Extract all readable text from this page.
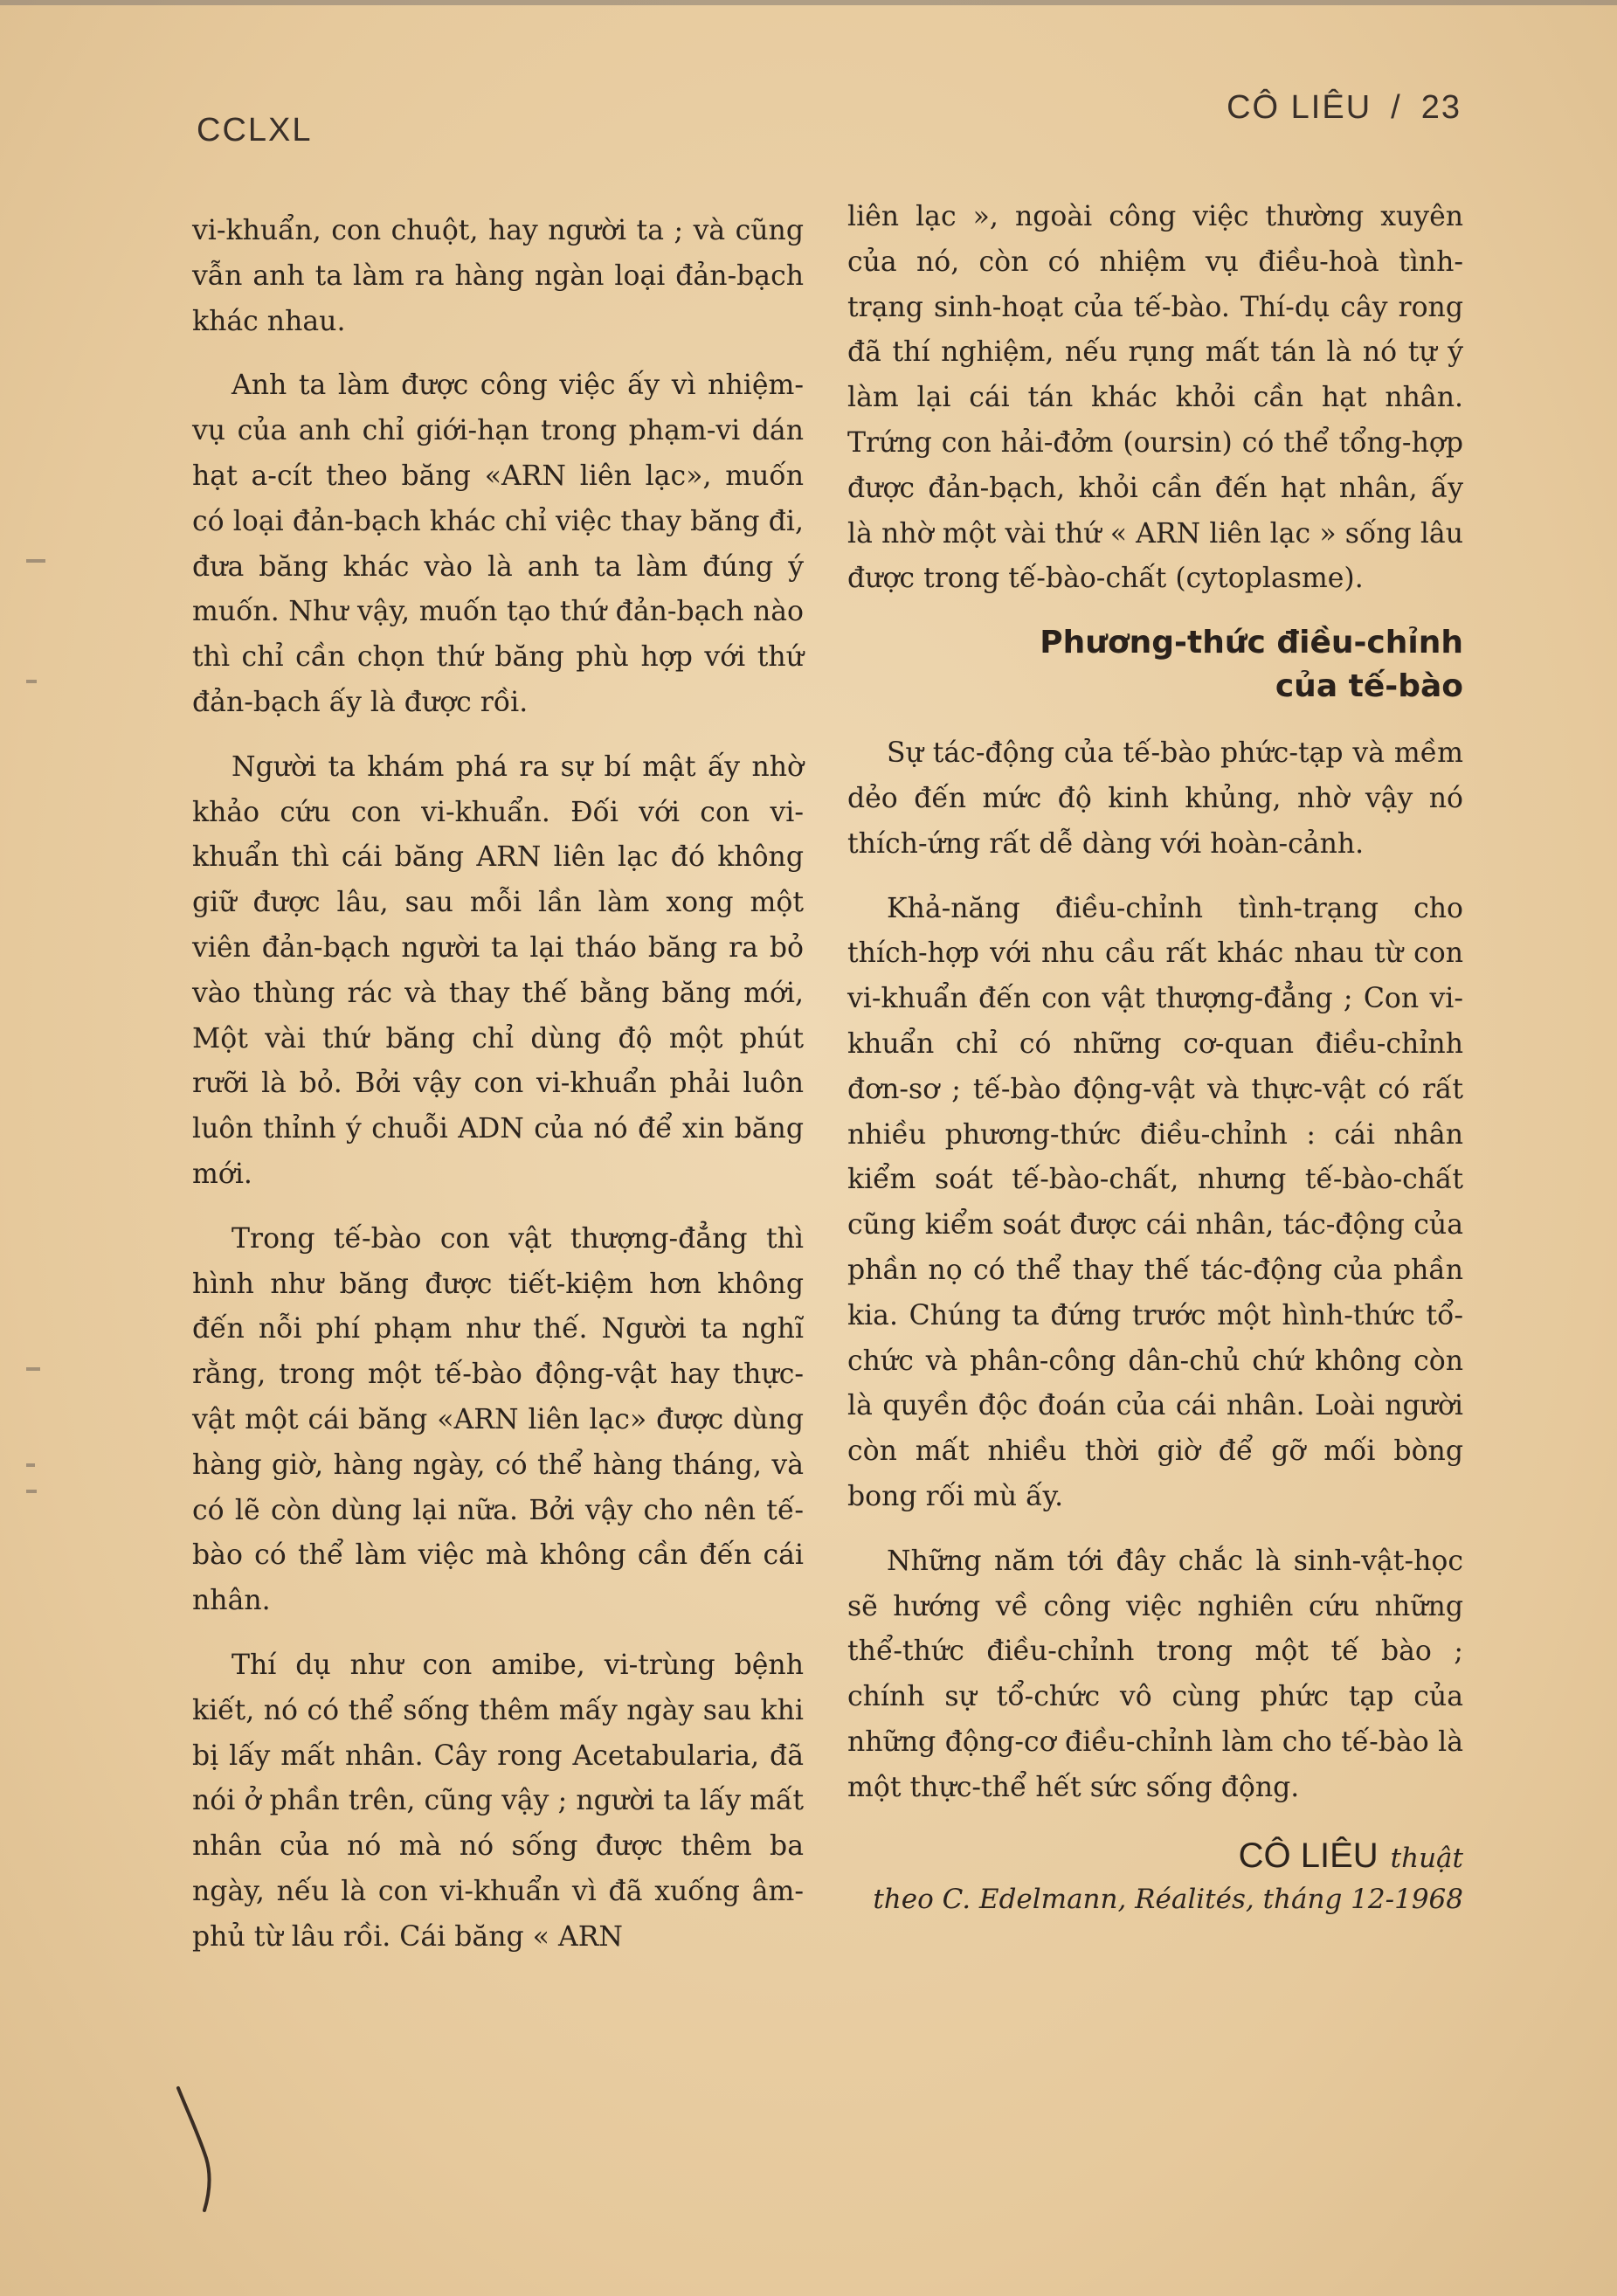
CCLXL
CÔ LIÊU / 23

vi-khuẩn, con chuột, hay người ta ; và cũng vẫn anh ta làm ra hàng ngàn loại đản-bạch khác nhau.

Anh ta làm được công việc ấy vì nhiệm-vụ của anh chỉ giới-hạn trong phạm-vi dán hạt a-cít theo băng «ARN liên lạc», muốn có loại đản-bạch khác chỉ việc thay băng đi, đưa băng khác vào là anh ta làm đúng ý muốn. Như vậy, muốn tạo thứ đản-bạch nào thì chỉ cần chọn thứ băng phù hợp với thứ đản-bạch ấy là được rồi.

Người ta khám phá ra sự bí mật ấy nhờ khảo cứu con vi-khuẩn. Đối với con vi-khuẩn thì cái băng ARN liên lạc đó không giữ được lâu, sau mỗi lần làm xong một viên đản-bạch người ta lại tháo băng ra bỏ vào thùng rác và thay thế bằng băng mới, Một vài thứ băng chỉ dùng độ một phút rưỡi là bỏ. Bởi vậy con vi-khuẩn phải luôn luôn thỉnh ý chuỗi ADN của nó để xin băng mới.

Trong tế-bào con vật thượng-đẳng thì hình như băng được tiết-kiệm hơn không đến nỗi phí phạm như thế. Người ta nghĩ rằng, trong một tế-bào động-vật hay thực-vật một cái băng «ARN liên lạc» được dùng hàng giờ, hàng ngày, có thể hàng tháng, và có lẽ còn dùng lại nữa. Bởi vậy cho nên tế-bào có thể làm việc mà không cần đến cái nhân.

Thí dụ như con amibe, vi-trùng bệnh kiết, nó có thể sống thêm mấy ngày sau khi bị lấy mất nhân. Cây rong Acetabularia, đã nói ở phần trên, cũng vậy ; người ta lấy mất nhân của nó mà nó sống được thêm ba ngày, nếu là con vi-khuẩn vì đã xuống âm-phủ từ lâu rồi. Cái băng « ARN

liên lạc », ngoài công việc thường xuyên của nó, còn có nhiệm vụ điều-hoà tình-trạng sinh-hoạt của tế-bào. Thí-dụ cây rong đã thí nghiệm, nếu rụng mất tán là nó tự ý làm lại cái tán khác khỏi cần hạt nhân. Trứng con hải-đởm (oursin) có thể tổng-hợp được đản-bạch, khỏi cần đến hạt nhân, ấy là nhờ một vài thứ « ARN liên lạc » sống lâu được trong tế-bào-chất (cytoplasme).

Phương-thức điều-chỉnh
của tế-bào

Sự tác-động của tế-bào phức-tạp và mềm dẻo đến mức độ kinh khủng, nhờ vậy nó thích-ứng rất dễ dàng với hoàn-cảnh.

Khả-năng điều-chỉnh tình-trạng cho thích-hợp với nhu cầu rất khác nhau từ con vi-khuẩn đến con vật thượng-đẳng ; Con vi-khuẩn chỉ có những cơ-quan điều-chỉnh đơn-sơ ; tế-bào động-vật và thực-vật có rất nhiều phương-thức điều-chỉnh : cái nhân kiểm soát tế-bào-chất, nhưng tế-bào-chất cũng kiểm soát được cái nhân, tác-động của phần nọ có thể thay thế tác-động của phần kia. Chúng ta đứng trước một hình-thức tổ-chức và phân-công dân-chủ chứ không còn là quyền độc đoán của cái nhân. Loài người còn mất nhiều thời giờ để gỡ mối bòng bong rối mù ấy.

Những năm tới đây chắc là sinh-vật-học sẽ hướng về công việc nghiên cứu những thể-thức điều-chỉnh trong một tế bào ; chính sự tổ-chức vô cùng phức tạp của những động-cơ điều-chỉnh làm cho tế-bào là một thực-thể hết sức sống động.

CÔ LIÊU thuật
theo C. Edelmann, Réalités, tháng 12-1968
